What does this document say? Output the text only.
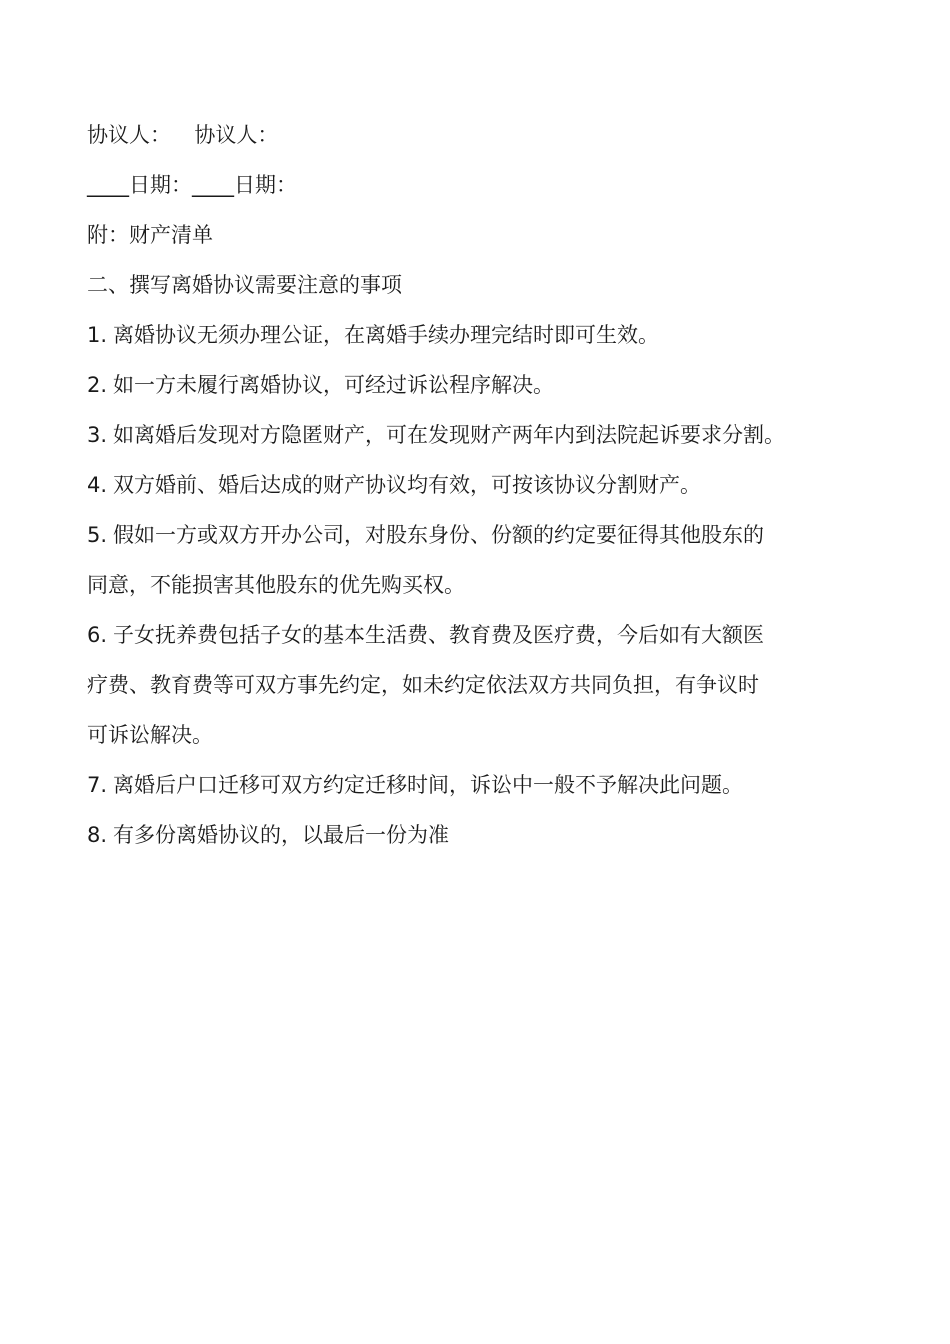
协议人： 协议人：

____日期：____日期：

附：财产清单

二、撰写离婚协议需要注意的事项

1. 离婚协议无须办理公证，在离婚手续办理完结时即可生效。

2. 如一方未履行离婚协议，可经过诉讼程序解决。

3. 如离婚后发现对方隐匿财产，可在发现财产两年内到法院起诉要求分割。

4. 双方婚前、婚后达成的财产协议均有效，可按该协议分割财产。

5. 假如一方或双方开办公司，对股东身份、份额的约定要征得其他股东的

同意，不能损害其他股东的优先购买权。

6. 子女抚养费包括子女的基本生活费、教育费及医疗费，今后如有大额医

疗费、教育费等可双方事先约定，如未约定依法双方共同负担，有争议时

可诉讼解决。

7. 离婚后户口迁移可双方约定迁移时间，诉讼中一般不予解决此问题。

8. 有多份离婚协议的，以最后一份为准
